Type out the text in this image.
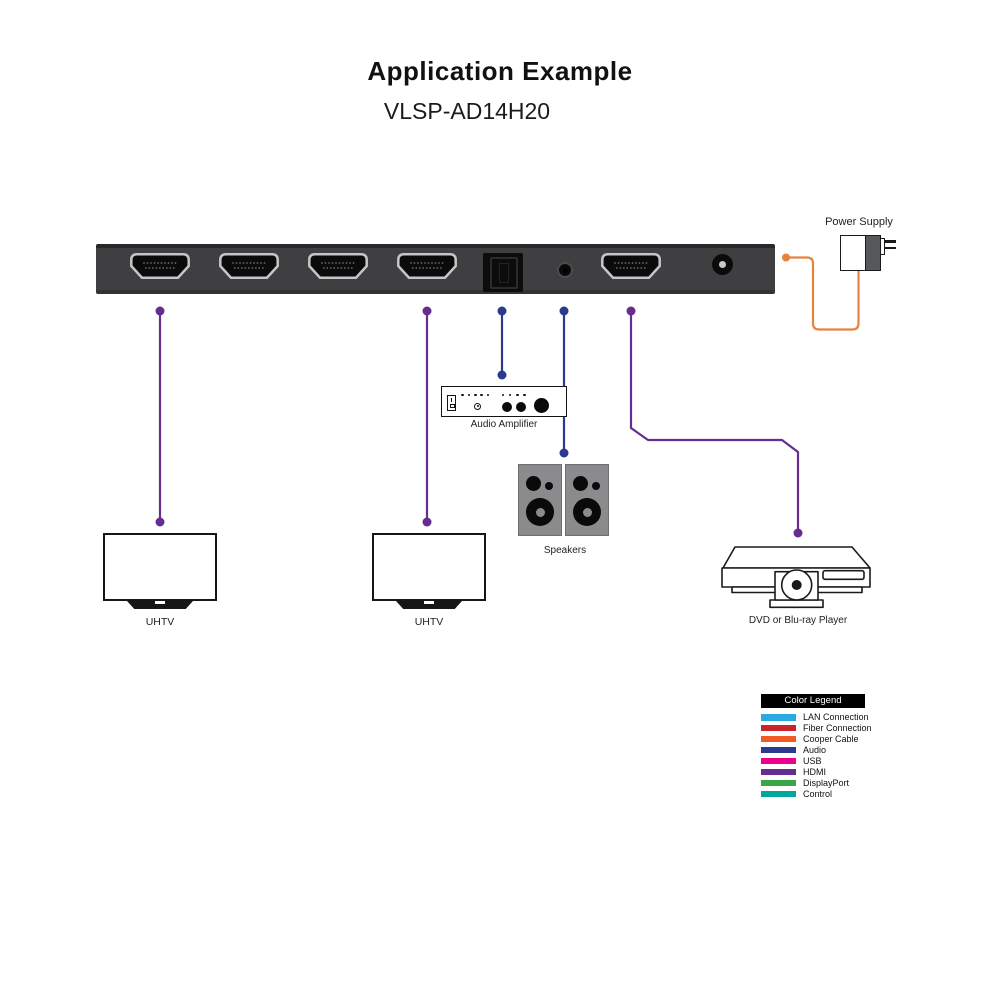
Application Example
VLSP-AD14H20
Power Supply
Audio Amplifier
UHTV	UHTV
Speakers
DVD or Blu-ray Player
Color Legend
LAN Connection
Fiber Connection
Cooper Cable
Audio
USB
HDMI
DisplayPort
Control
